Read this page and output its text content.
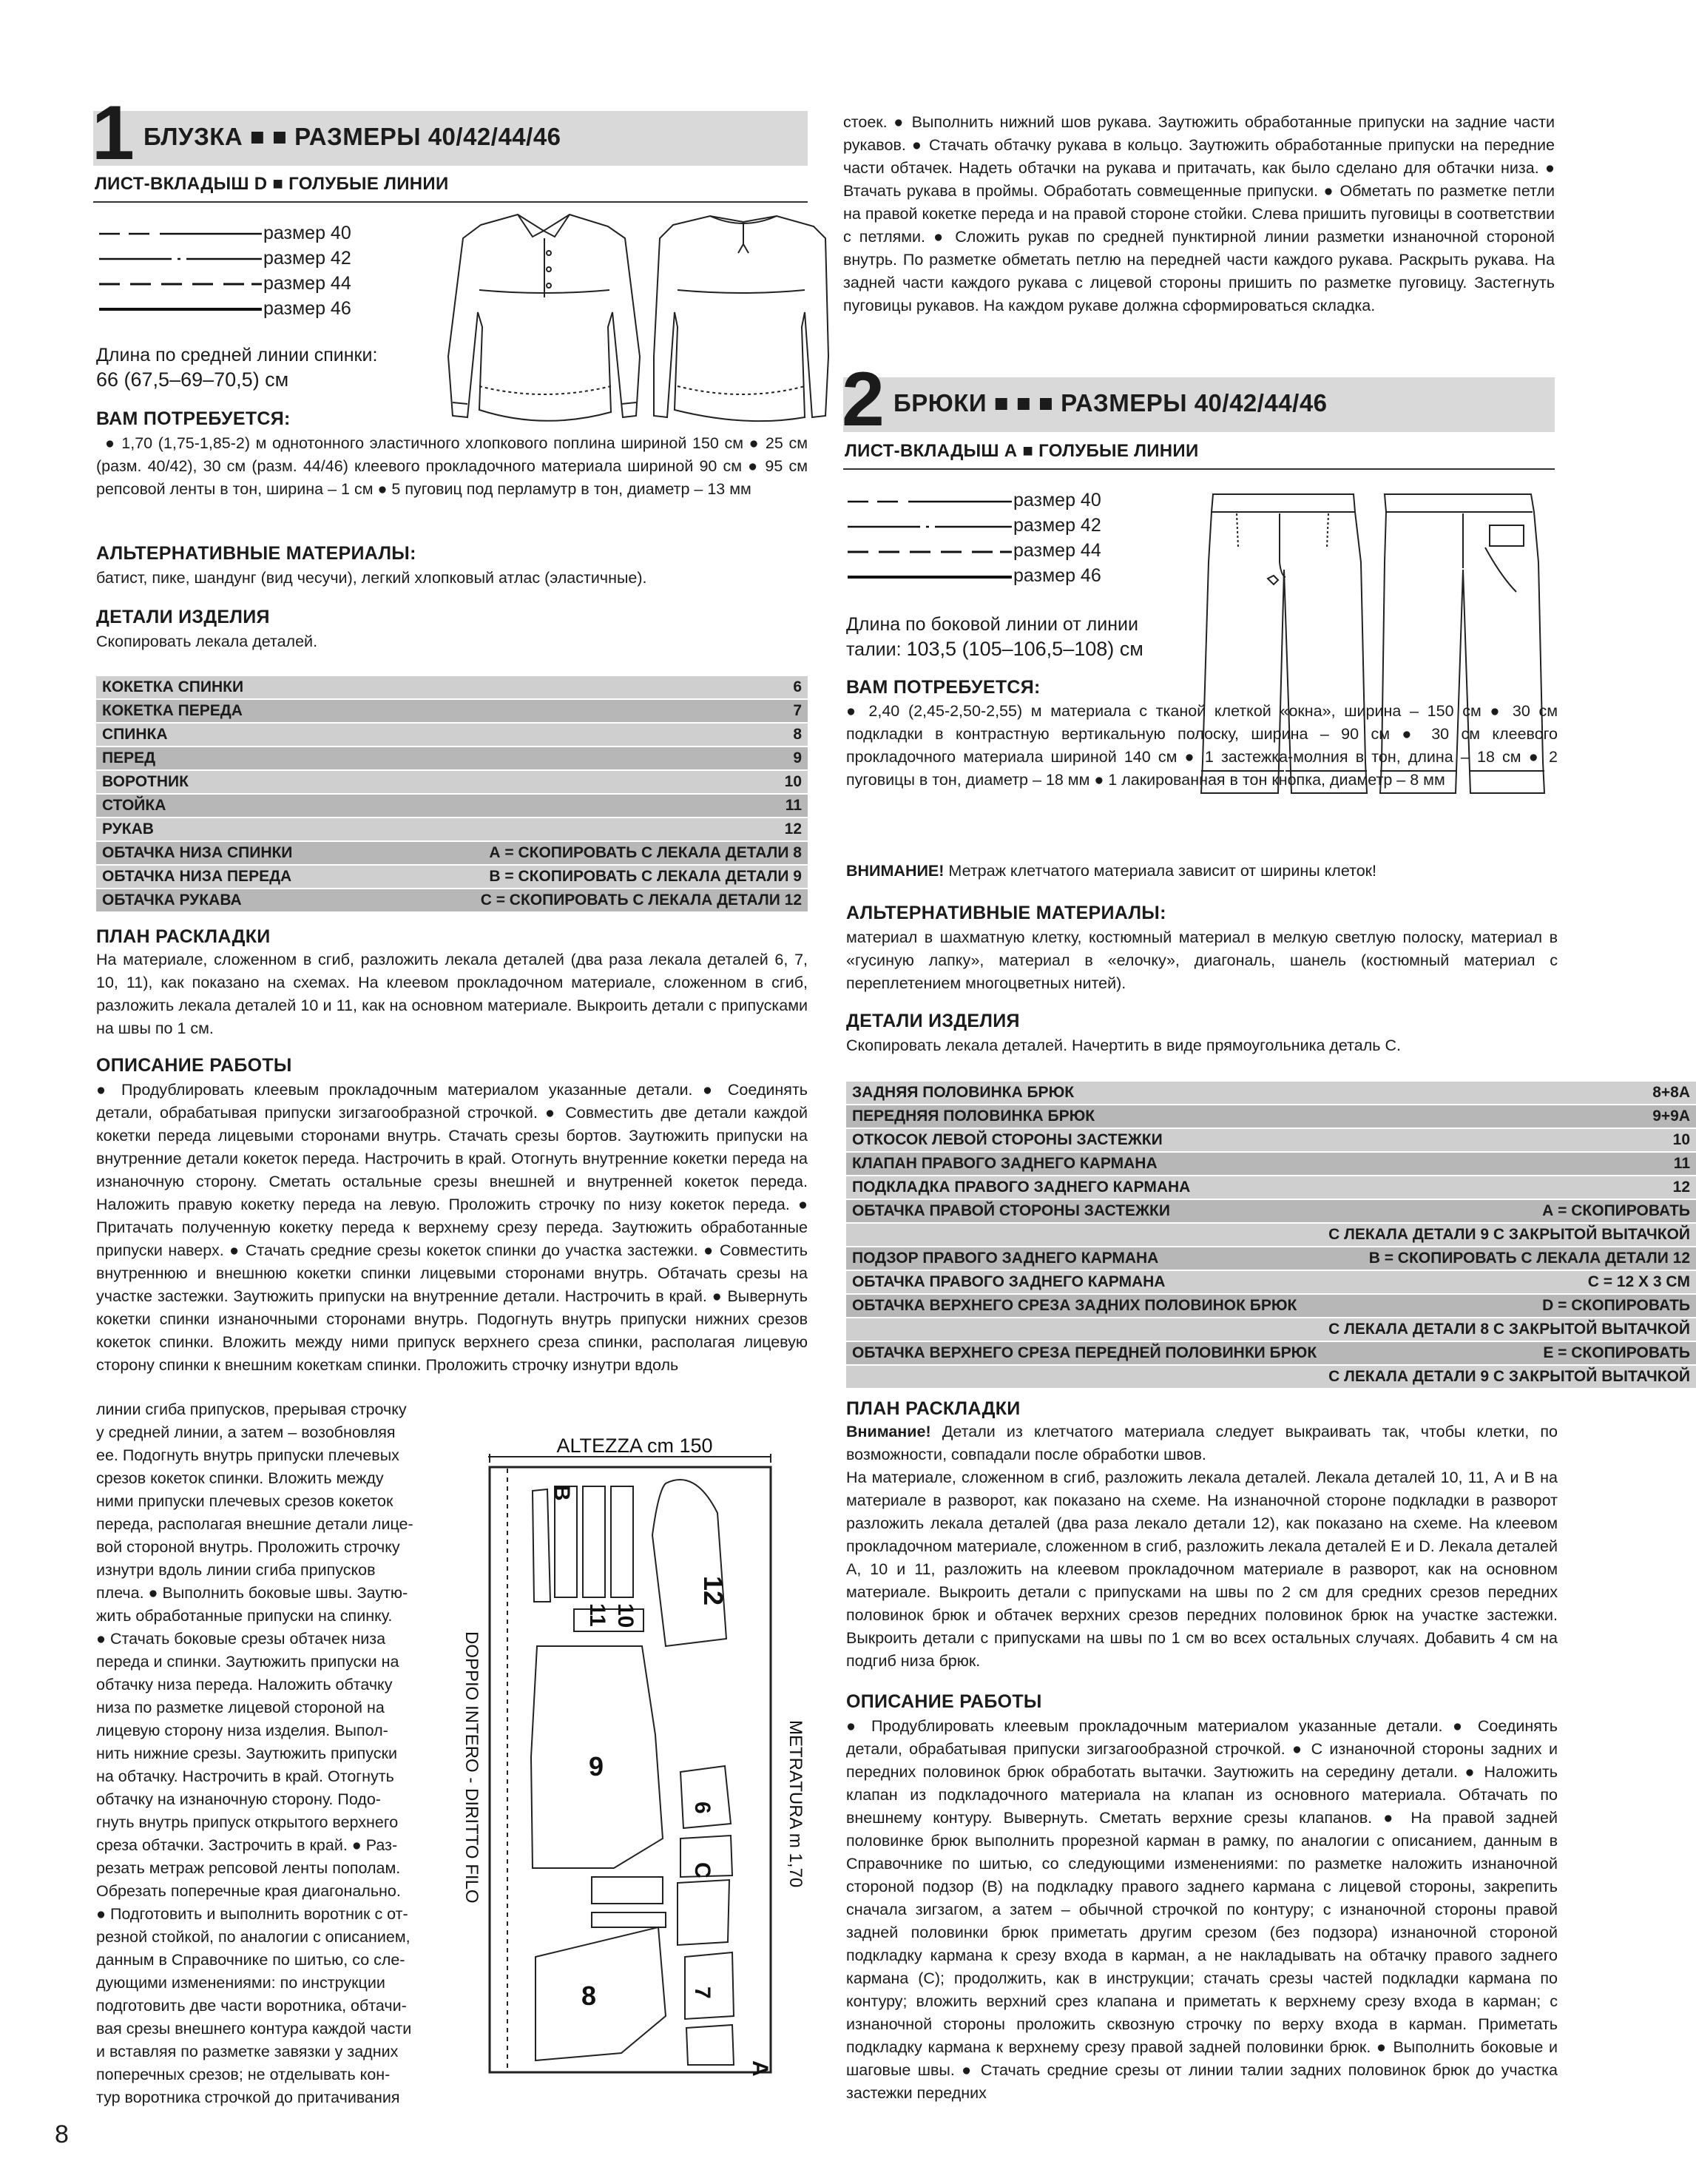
1 БЛУЗКА ■ ■ РАЗМЕРЫ 40/42/44/46
ЛИСТ-ВКЛАДЫШ D ■ ГОЛУБЫЕ ЛИНИИ
размер 40
размер 42
размер 44
размер 46
Длина по средней линии спинки:
66 (67,5–69–70,5) см
ВАМ ПОТРЕБУЕТСЯ:
● 1,70 (1,75-1,85-2) м однотонного эластичного хлопкового поплина шириной 150 см ● 25 см (разм. 40/42), 30 см (разм. 44/46) клеевого прокладочного материала шириной 90 см ● 95 см репсовой ленты в тон, ширина – 1 см ● 5 пуговиц под перламутр в тон, диаметр – 13 мм
АЛЬТЕРНАТИВНЫЕ МАТЕРИАЛЫ:
батист, пике, шандунг (вид чесучи), легкий хлопковый атлас (эластичные).
ДЕТАЛИ ИЗДЕЛИЯ
Скопировать лекала деталей.
КОКЕТКА СПИНКИ	6
КОКЕТКА ПЕРЕДА	7
СПИНКА	8
ПЕРЕД	9
ВОРОТНИК	10
СТОЙКА	11
РУКАВ	12
ОБТАЧКА НИЗА СПИНКИ	А = СКОПИРОВАТЬ С ЛЕКАЛА ДЕТАЛИ 8
ОБТАЧКА НИЗА ПЕРЕДА	B = СКОПИРОВАТЬ С ЛЕКАЛА ДЕТАЛИ 9
ОБТАЧКА РУКАВА	C = СКОПИРОВАТЬ С ЛЕКАЛА ДЕТАЛИ 12
ПЛАН РАСКЛАДКИ
На материале, сложенном в сгиб, разложить лекала деталей (два раза лекала деталей 6, 7, 10, 11), как показано на схемах. На клеевом прокладочном материале, сложенном в сгиб, разложить лекала деталей 10 и 11, как на основном материале. Выкроить детали с припусками на швы по 1 см.
ОПИСАНИЕ РАБОТЫ
● Продублировать клеевым прокладочным материалом указанные детали. ● Соединять детали, обрабатывая припуски зигзагообразной строчкой. ● Совместить две детали каждой кокетки переда лицевыми сторонами внутрь. Стачать срезы бортов. Заутюжить припуски на внутренние детали кокеток переда. Настрочить в край. Отогнуть внутренние кокетки переда на изнаночную сторону. Сметать остальные срезы внешней и внутренней кокеток переда. Наложить правую кокетку переда на левую. Проложить строчку по низу кокеток переда. ● Притачать полученную кокетку переда к верхнему срезу переда. Заутюжить обработанные припуски наверх. ● Стачать средние срезы кокеток спинки до участка застежки. ● Совместить внутреннюю и внешнюю кокетки спинки лицевыми сторонами внутрь. Обтачать срезы на участке застежки. Заутюжить припуски на внутренние детали. Настрочить в край. ● Вывернуть кокетки спинки изнаночными сторонами внутрь. Подогнуть внутрь припуски нижних срезов кокеток спинки. Вложить между ними припуск верхнего среза спинки, располагая лицевую сторону спинки к внешним кокеткам спинки. Проложить строчку изнутри вдоль
линии сгиба припусков, прерывая строчку
у средней линии, а затем – возобновляя
ее. Подогнуть внутрь припуски плечевых
срезов кокеток спинки. Вложить между
ними припуски плечевых срезов кокеток
переда, располагая внешние детали лице-
вой стороной внутрь. Проложить строчку
изнутри вдоль линии сгиба припусков
плеча. ● Выполнить боковые швы. Заутю-
жить обработанные припуски на спинку.
● Стачать боковые срезы обтачек низа
переда и спинки. Заутюжить припуски на
обтачку низа переда. Наложить обтачку
низа по разметке лицевой стороной на
лицевую сторону низа изделия. Выпол-
нить нижние срезы. Заутюжить припуски
на обтачку. Настрочить в край. Отогнуть
обтачку на изнаночную сторону. Подо-
гнуть внутрь припуск открытого верхнего
среза обтачки. Застрочить в край. ● Раз-
резать метраж репсовой ленты пополам.
Обрезать поперечные края диагонально.
● Подготовить и выполнить воротник с от-
резной стойкой, по аналогии с описанием,
данным в Справочнике по шитью, со сле-
дующими изменениями: по инструкции
подготовить две части воротника, обтачи-
вая срезы внешнего контура каждой части
и вставляя по разметке завязки у задних
поперечных срезов; не отделывать кон-
тур воротника строчкой до притачивания
ALTEZZA cm 150
12
9
8
10
11
B
6
7
C
A
DOPPIO INTERO - DIRITTO FILO	METRATURA m 1,70
стоек. ● Выполнить нижний шов рукава. Заутюжить обработанные припуски на задние части рукавов. ● Стачать обтачку рукава в кольцо. Заутюжить обработанные припуски на передние части обтачек. Надеть обтачки на рукава и притачать, как было сделано для обтачки низа. ● Втачать рукава в проймы. Обработать совмещенные припуски. ● Обметать по разметке петли на правой кокетке переда и на правой стороне стойки. Слева пришить пуговицы в соответствии с петлями. ● Сложить рукав по средней пунктирной линии разметки изнаночной стороной внутрь. По разметке обметать петлю на передней части каждого рукава. Раскрыть рукава. На задней части каждого рукава с лицевой стороны пришить по разметке пуговицу. Застегнуть пуговицы рукавов. На каждом рукаве должна сформироваться складка.
2 БРЮКИ ■ ■ ■ РАЗМЕРЫ 40/42/44/46
ЛИСТ-ВКЛАДЫШ А ■ ГОЛУБЫЕ ЛИНИИ
размер 40
размер 42
размер 44
размер 46
Длина по боковой линии от линии
талии: 103,5 (105–106,5–108) см
ВАМ ПОТРЕБУЕТСЯ:
● 2,40 (2,45-2,50-2,55) м материала с тканой клеткой «окна», ширина – 150 см ● 30 см подкладки в контрастную вертикальную полоску, ширина – 90 см ● 30 см клеевого прокладочного материала шириной 140 см ● 1 застежка-молния в тон, длина – 18 см ● 2 пуговицы в тон, диаметр – 18 мм ● 1 лакированная в тон кнопка, диаметр – 8 мм
ВНИМАНИЕ! Метраж клетчатого материала зависит от ширины клеток!
АЛЬТЕРНАТИВНЫЕ МАТЕРИАЛЫ:
материал в шахматную клетку, костюмный материал в мелкую светлую полоску, материал в «гусиную лапку», материал в «елочку», диагональ, шанель (костюмный материал с переплетением многоцветных нитей).
ДЕТАЛИ ИЗДЕЛИЯ
Скопировать лекала деталей. Начертить в виде прямоугольника деталь С.
ЗАДНЯЯ ПОЛОВИНКА БРЮК	8+8A
ПЕРЕДНЯЯ ПОЛОВИНКА БРЮК	9+9A
ОТКОСОК ЛЕВОЙ СТОРОНЫ ЗАСТЕЖКИ	10
КЛАПАН ПРАВОГО ЗАДНЕГО КАРМАНА	11
ПОДКЛАДКА ПРАВОГО ЗАДНЕГО КАРМАНА	12
ОБТАЧКА ПРАВОЙ СТОРОНЫ ЗАСТЕЖКИ	А = СКОПИРОВАТЬ
	С ЛЕКАЛА ДЕТАЛИ 9 С ЗАКРЫТОЙ ВЫТАЧКОЙ
ПОДЗОР ПРАВОГО ЗАДНЕГО КАРМАНА	B = СКОПИРОВАТЬ С ЛЕКАЛА ДЕТАЛИ 12
ОБТАЧКА ПРАВОГО ЗАДНЕГО КАРМАНА	C = 12 X 3 CM
ОБТАЧКА ВЕРХНЕГО СРЕЗА ЗАДНИХ ПОЛОВИНОК БРЮК	D = СКОПИРОВАТЬ
	С ЛЕКАЛА ДЕТАЛИ 8 С ЗАКРЫТОЙ ВЫТАЧКОЙ
ОБТАЧКА ВЕРХНЕГО СРЕЗА ПЕРЕДНЕЙ ПОЛОВИНКИ БРЮК	E = СКОПИРОВАТЬ
	С ЛЕКАЛА ДЕТАЛИ 9 С ЗАКРЫТОЙ ВЫТАЧКОЙ
ПЛАН РАСКЛАДКИ

Внимание! Детали из клетчатого материала следует выкраивать так, чтобы клетки, по возможности, совпадали после обработки швов.

На материале, сложенном в сгиб, разложить лекала деталей. Лекала деталей 10, 11, А и В на материале в разворот, как показано на схеме. На изнаночной стороне подкладки в разворот разложить лекала деталей (два раза лекало детали 12), как показано на схеме. На клеевом прокладочном материале, сложенном в сгиб, разложить лекала деталей Е и D. Лекала деталей А, 10 и 11, разложить на клеевом прокладочном материале в разворот, как на основном материале. Выкроить детали с припусками на швы по 2 см для средних срезов передних половинок брюк и обтачек верхних срезов передних половинок брюк на участке застежки. Выкроить детали с припусками на швы по 1 см во всех остальных случаях. Добавить 4 см на подгиб низа брюк.

ОПИСАНИЕ РАБОТЫ
● Продублировать клеевым прокладочным материалом указанные детали. ● Соединять детали, обрабатывая припуски зигзагообразной строчкой. ● С изнаночной стороны задних и передних половинок брюк обработать вытачки. Заутюжить на середину детали. ● Наложить клапан из подкладочного материала на клапан из основного материала. Обтачать по внешнему контуру. Вывернуть. Сметать верхние срезы клапанов. ● На правой задней половинке брюк выполнить прорезной карман в рамку, по аналогии с описанием, данным в Справочнике по шитью, со следующими изменениями: по разметке наложить изнаночной стороной подзор (В) на подкладку правого заднего кармана с лицевой стороны, закрепить сначала зигзагом, а затем – обычной строчкой по контуру; с изнаночной стороны правой задней половинки брюк приметать другим срезом (без подзора) изнаночной стороной подкладку кармана к срезу входа в карман, а не накладывать на обтачку правого заднего кармана (С); продолжить, как в инструкции; стачать срезы частей подкладки кармана по контуру; вложить верхний срез клапана и приметать к верхнему срезу входа в карман; с изнаночной стороны проложить сквозную строчку по верху входа в карман. Приметать подкладку кармана к верхнему срезу правой задней половинки брюк. ● Выполнить боковые и шаговые швы. ● Стачать средние срезы от линии талии задних половинок брюк до участка застежки передних
8
